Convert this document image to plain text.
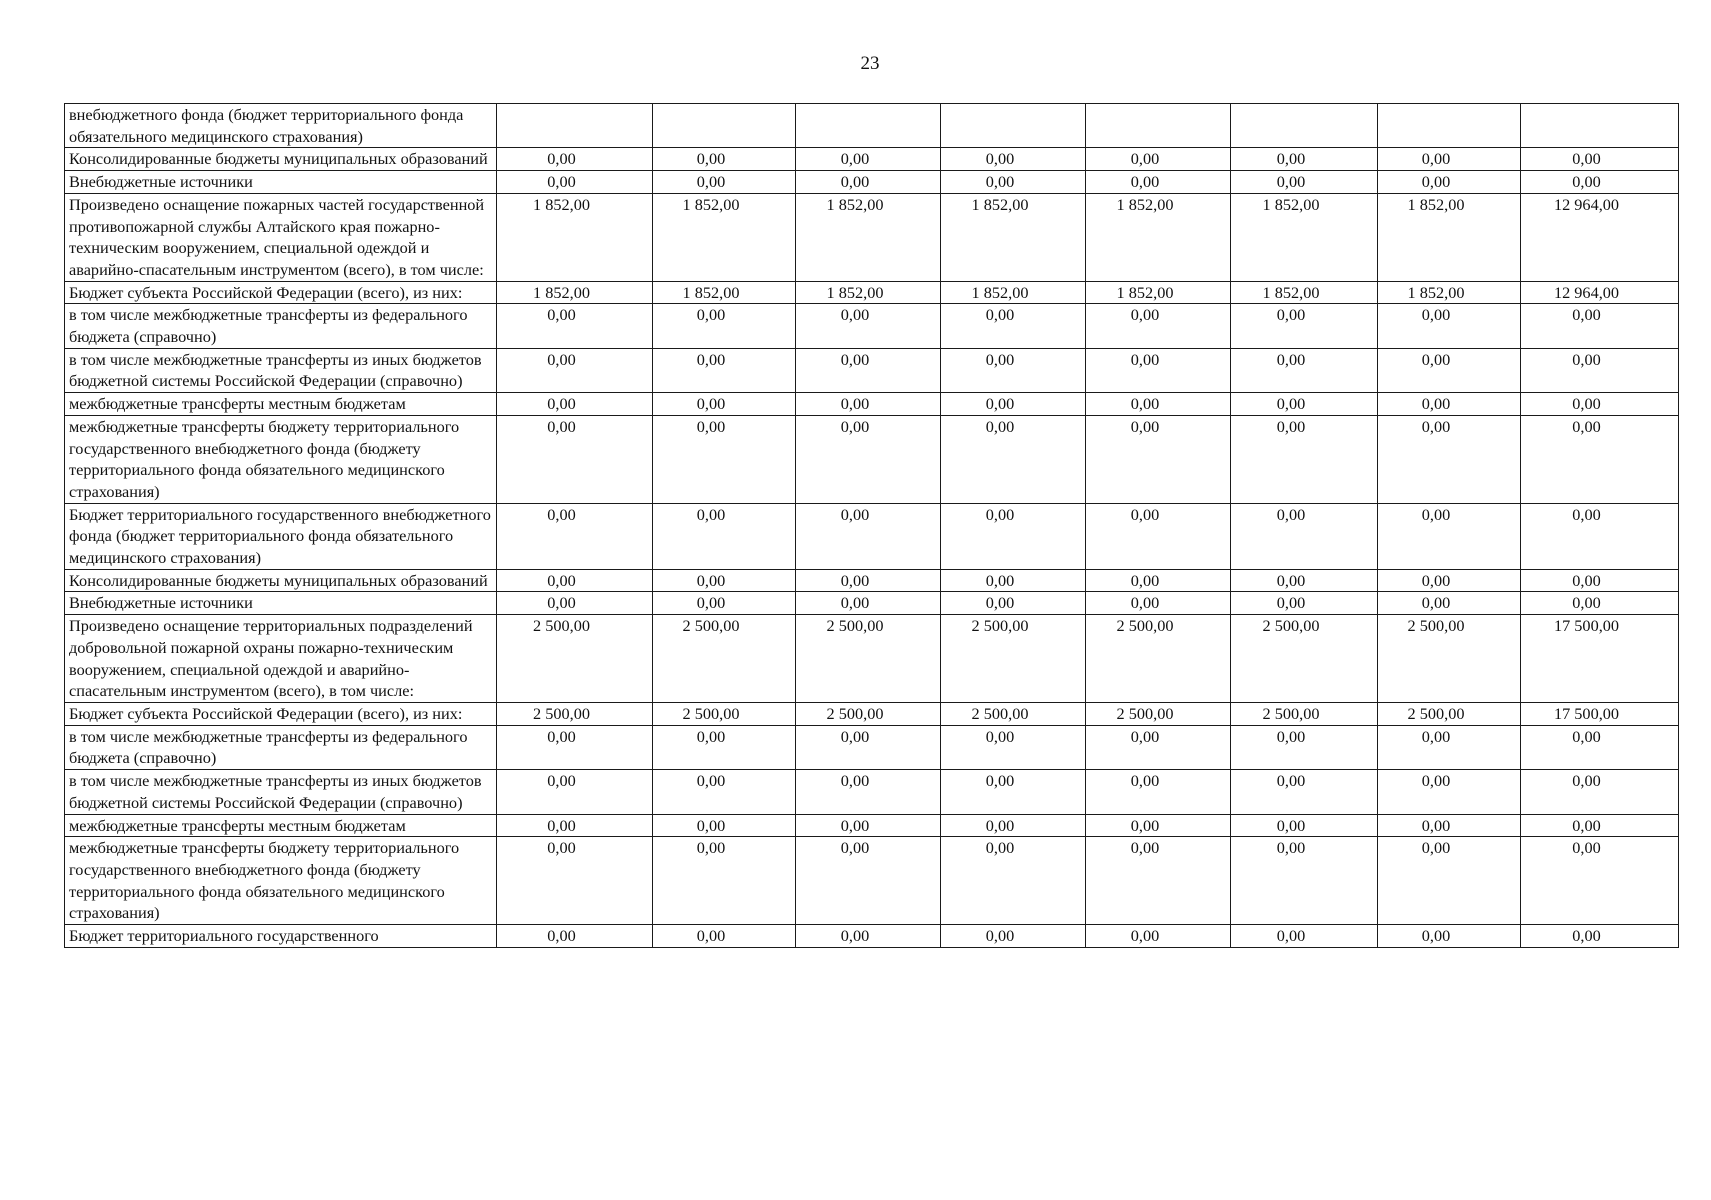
23
внебюджетного фонда (бюджет территориального фонда обязательного медицинского страхования)								
Консолидированные бюджеты муниципальных образований	0,00	0,00	0,00	0,00	0,00	0,00	0,00	0,00
Внебюджетные источники	0,00	0,00	0,00	0,00	0,00	0,00	0,00	0,00
Произведено оснащение пожарных частей государственной противопожарной службы Алтайского края пожарно-техническим вооружением, специальной одеждой и аварийно-спасательным инструментом (всего), в том числе:	1 852,00	1 852,00	1 852,00	1 852,00	1 852,00	1 852,00	1 852,00	12 964,00
Бюджет субъекта Российской Федерации (всего), из них:	1 852,00	1 852,00	1 852,00	1 852,00	1 852,00	1 852,00	1 852,00	12 964,00
в том числе межбюджетные трансферты из федерального бюджета (справочно)	0,00	0,00	0,00	0,00	0,00	0,00	0,00	0,00
в том числе межбюджетные трансферты из иных бюджетов бюджетной системы Российской Федерации (справочно)	0,00	0,00	0,00	0,00	0,00	0,00	0,00	0,00
межбюджетные трансферты местным бюджетам	0,00	0,00	0,00	0,00	0,00	0,00	0,00	0,00
межбюджетные трансферты бюджету территориального государственного внебюджетного фонда (бюджету территориального фонда обязательного медицинского страхования)	0,00	0,00	0,00	0,00	0,00	0,00	0,00	0,00
Бюджет территориального государственного внебюджетного фонда (бюджет территориального фонда обязательного медицинского страхования)	0,00	0,00	0,00	0,00	0,00	0,00	0,00	0,00
Консолидированные бюджеты муниципальных образований	0,00	0,00	0,00	0,00	0,00	0,00	0,00	0,00
Внебюджетные источники	0,00	0,00	0,00	0,00	0,00	0,00	0,00	0,00
Произведено оснащение территориальных подразделений добровольной пожарной охраны пожарно-техническим вооружением, специальной одеждой и аварийно-спасательным инструментом (всего), в том числе:	2 500,00	2 500,00	2 500,00	2 500,00	2 500,00	2 500,00	2 500,00	17 500,00
Бюджет субъекта Российской Федерации (всего), из них:	2 500,00	2 500,00	2 500,00	2 500,00	2 500,00	2 500,00	2 500,00	17 500,00
в том числе межбюджетные трансферты из федерального бюджета (справочно)	0,00	0,00	0,00	0,00	0,00	0,00	0,00	0,00
в том числе межбюджетные трансферты из иных бюджетов бюджетной системы Российской Федерации (справочно)	0,00	0,00	0,00	0,00	0,00	0,00	0,00	0,00
межбюджетные трансферты местным бюджетам	0,00	0,00	0,00	0,00	0,00	0,00	0,00	0,00
межбюджетные трансферты бюджету территориального государственного внебюджетного фонда (бюджету территориального фонда обязательного медицинского страхования)	0,00	0,00	0,00	0,00	0,00	0,00	0,00	0,00
Бюджет территориального государственного	0,00	0,00	0,00	0,00	0,00	0,00	0,00	0,00
